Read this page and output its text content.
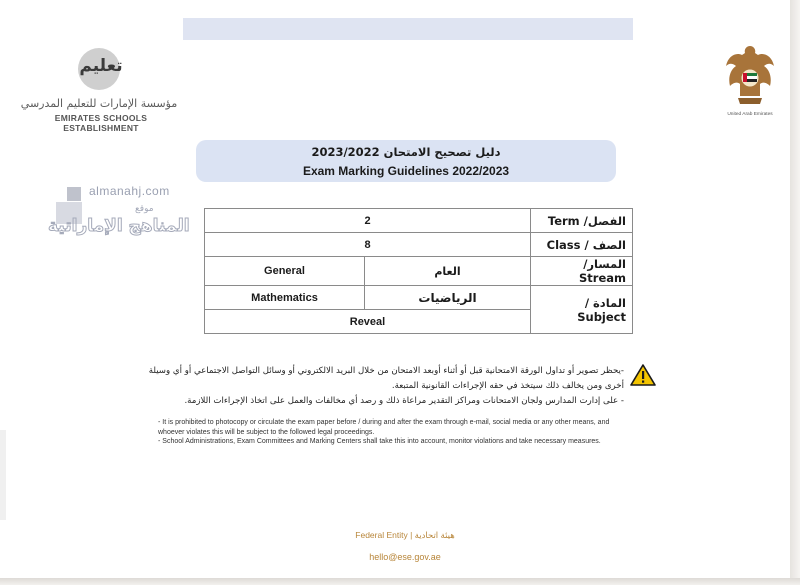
تعليم
مؤسسة الإمارات للتعليم المدرسي
EMIRATES SCHOOLS ESTABLISHMENT
United Arab Emirates
دليل تصحيح الامتحان 2023/2022
Exam Marking Guidelines 2022/2023
almanahj.com
موقع
المناهج الإماراتية	2		الفصل/ Term
8		الصف / Class
General	العام	المسار/ Stream
Mathematics	الرياضيات	المادة / Subject
Reveal		

-يحظر تصوير أو تداول الورقة الامتحانية قبل أو أثناء أوبعد الامتحان من خلال البريد الالكتروني أو وسائل التواصل الاجتماعي أو أي وسيلة

أخرى ومن يخالف ذلك سيتخذ في حقه الإجراءات القانونية المتبعة.

- على إدارت المدارس ولجان الامتحانات ومراكز التقدير مراعاة ذلك و رصد أي مخالفات والعمل على اتخاذ الإجراءات اللازمة.

- It is prohibited to photocopy or circulate the exam paper before / during and after the exam through e-mail, social media or any other means, and whoever violates this will be subject to the followed legal proceedings.

- School Administrations, Exam Committees and Marking Centers shall take this into account, monitor violations and take necessary measures.

Federal Entity | هيئة اتحادية
hello@ese.gov.ae
